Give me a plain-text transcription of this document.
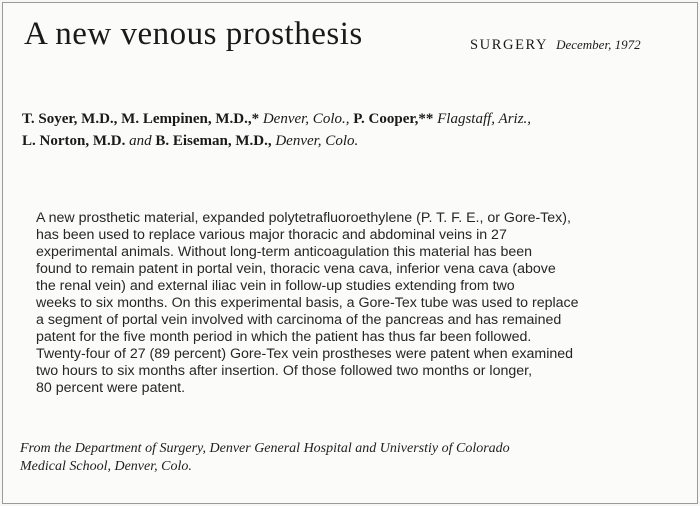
A new venous prosthesis	SURGERY December, 1972
T. Soyer, M.D., M. Lempinen, M.D.,* Denver, Colo., P. Cooper,** Flagstaff, Ariz.,
L. Norton, M.D. and B. Eiseman, M.D., Denver, Colo.
A new prosthetic material, expanded polytetrafluoroethylene (P. T. F. E., or Gore-Tex),
has been used to replace various major thoracic and abdominal veins in 27
experimental animals. Without long-term anticoagulation this material has been
found to remain patent in portal vein, thoracic vena cava, inferior vena cava (above
the renal vein) and external iliac vein in follow-up studies extending from two
weeks to six months. On this experimental basis, a Gore-Tex tube was used to replace
a segment of portal vein involved with carcinoma of the pancreas and has remained
patent for the five month period in which the patient has thus far been followed.
Twenty-four of 27 (89 percent) Gore-Tex vein prostheses were patent when examined
two hours to six months after insertion. Of those followed two months or longer,
80 percent were patent.
From the Department of Surgery, Denver General Hospital and Universtiy of Colorado
Medical School, Denver, Colo.
